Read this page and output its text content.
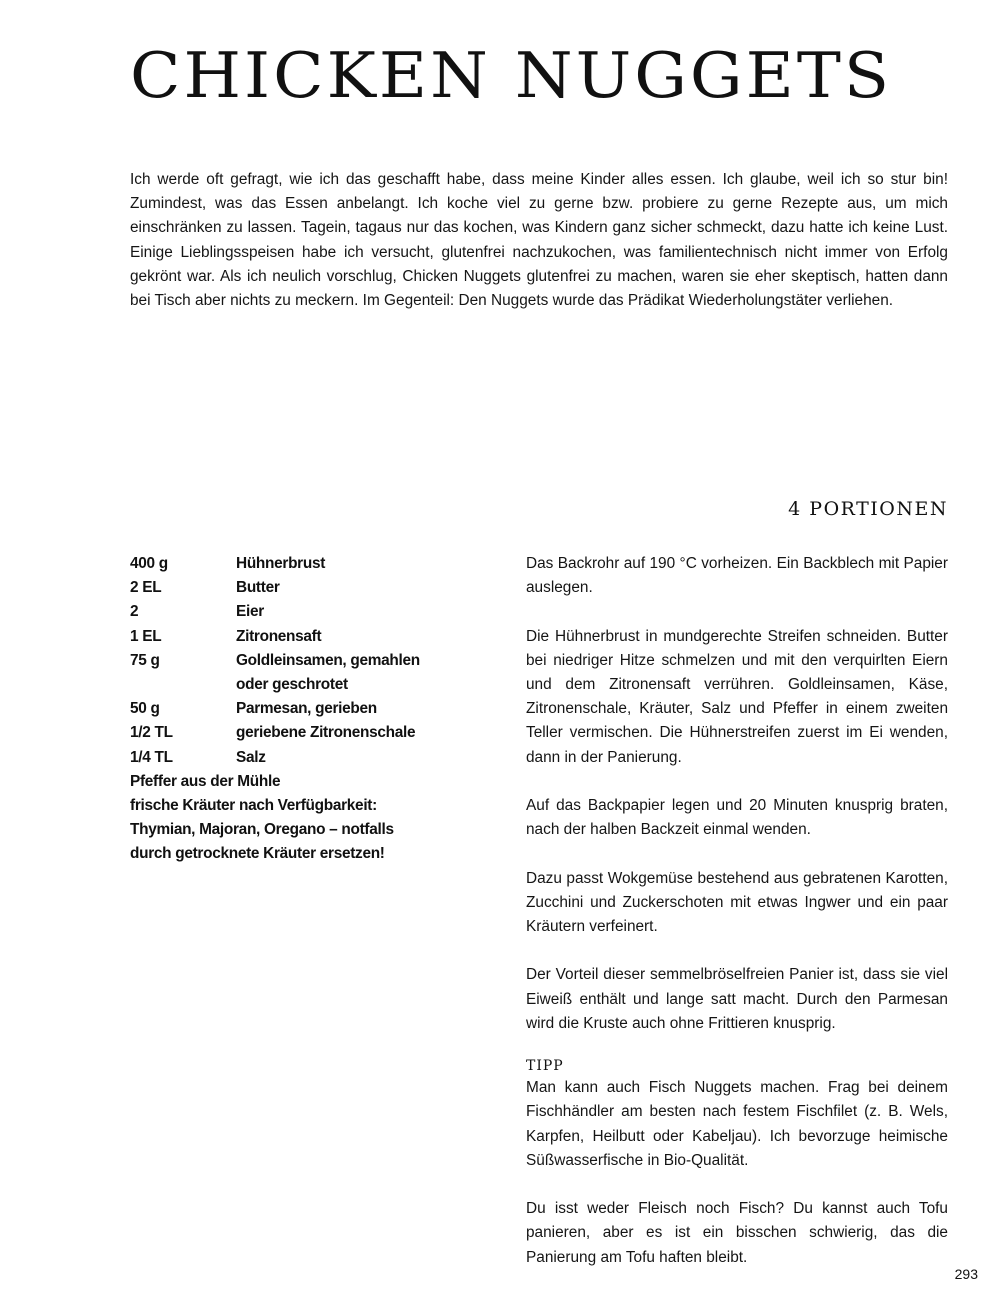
CHICKEN NUGGETS

Ich werde oft gefragt, wie ich das geschafft habe, dass meine Kinder alles essen. Ich glaube, weil ich so stur bin! Zumindest, was das Essen anbelangt. Ich koche viel zu gerne bzw. probiere zu gerne Rezepte aus, um mich einschränken zu lassen. Tagein, tagaus nur das kochen, was Kindern ganz sicher schmeckt, dazu hatte ich keine Lust. Einige Lieblingsspeisen habe ich versucht, glutenfrei nachzukochen, was familientechnisch nicht immer von Erfolg gekrönt war. Als ich neulich vorschlug, Chicken Nuggets glutenfrei zu machen, waren sie eher skeptisch, hatten dann bei Tisch aber nichts zu meckern. Im Gegenteil: Den Nuggets wurde das Prädikat Wiederholungstäter verliehen.

4 PORTIONEN
400 g	Hühnerbrust
2 EL	Butter
2	Eier
1 EL	Zitronensaft
75 g	Goldleinsamen, gemahlen oder geschrotet
50 g	Parmesan, gerieben
1/2 TL	geriebene Zitronenschale
1/4 TL	Salz
Pfeffer aus der Mühle
frische Kräuter nach Verfügbarkeit: Thymian, Majoran, Oregano – notfalls durch getrocknete Kräuter ersetzen!

Das Backrohr auf 190 °C vorheizen. Ein Backblech mit Papier auslegen.

Die Hühnerbrust in mundgerechte Streifen schneiden. Butter bei niedriger Hitze schmelzen und mit den verquirlten Eiern und dem Zitronensaft verrühren. Goldleinsamen, Käse, Zitronenschale, Kräuter, Salz und Pfeffer in einem zweiten Teller vermischen. Die Hühnerstreifen zuerst im Ei wenden, dann in der Panierung.

Auf das Backpapier legen und 20 Minuten knusprig braten, nach der halben Backzeit einmal wenden.

Dazu passt Wokgemüse bestehend aus gebratenen Karotten, Zucchini und Zuckerschoten mit etwas Ingwer und ein paar Kräutern verfeinert.

Der Vorteil dieser semmelbröselfreien Panier ist, dass sie viel Eiweiß enthält und lange satt macht. Durch den Parmesan wird die Kruste auch ohne Frittieren knusprig.

TIPP

Man kann auch Fisch Nuggets machen. Frag bei deinem Fischhändler am besten nach festem Fischfilet (z. B. Wels, Karpfen, Heilbutt oder Kabeljau). Ich bevorzuge heimische Süßwasserfische in Bio-Qualität.

Du isst weder Fleisch noch Fisch? Du kannst auch Tofu panieren, aber es ist ein bisschen schwierig, das die Panierung am Tofu haften bleibt.

293
